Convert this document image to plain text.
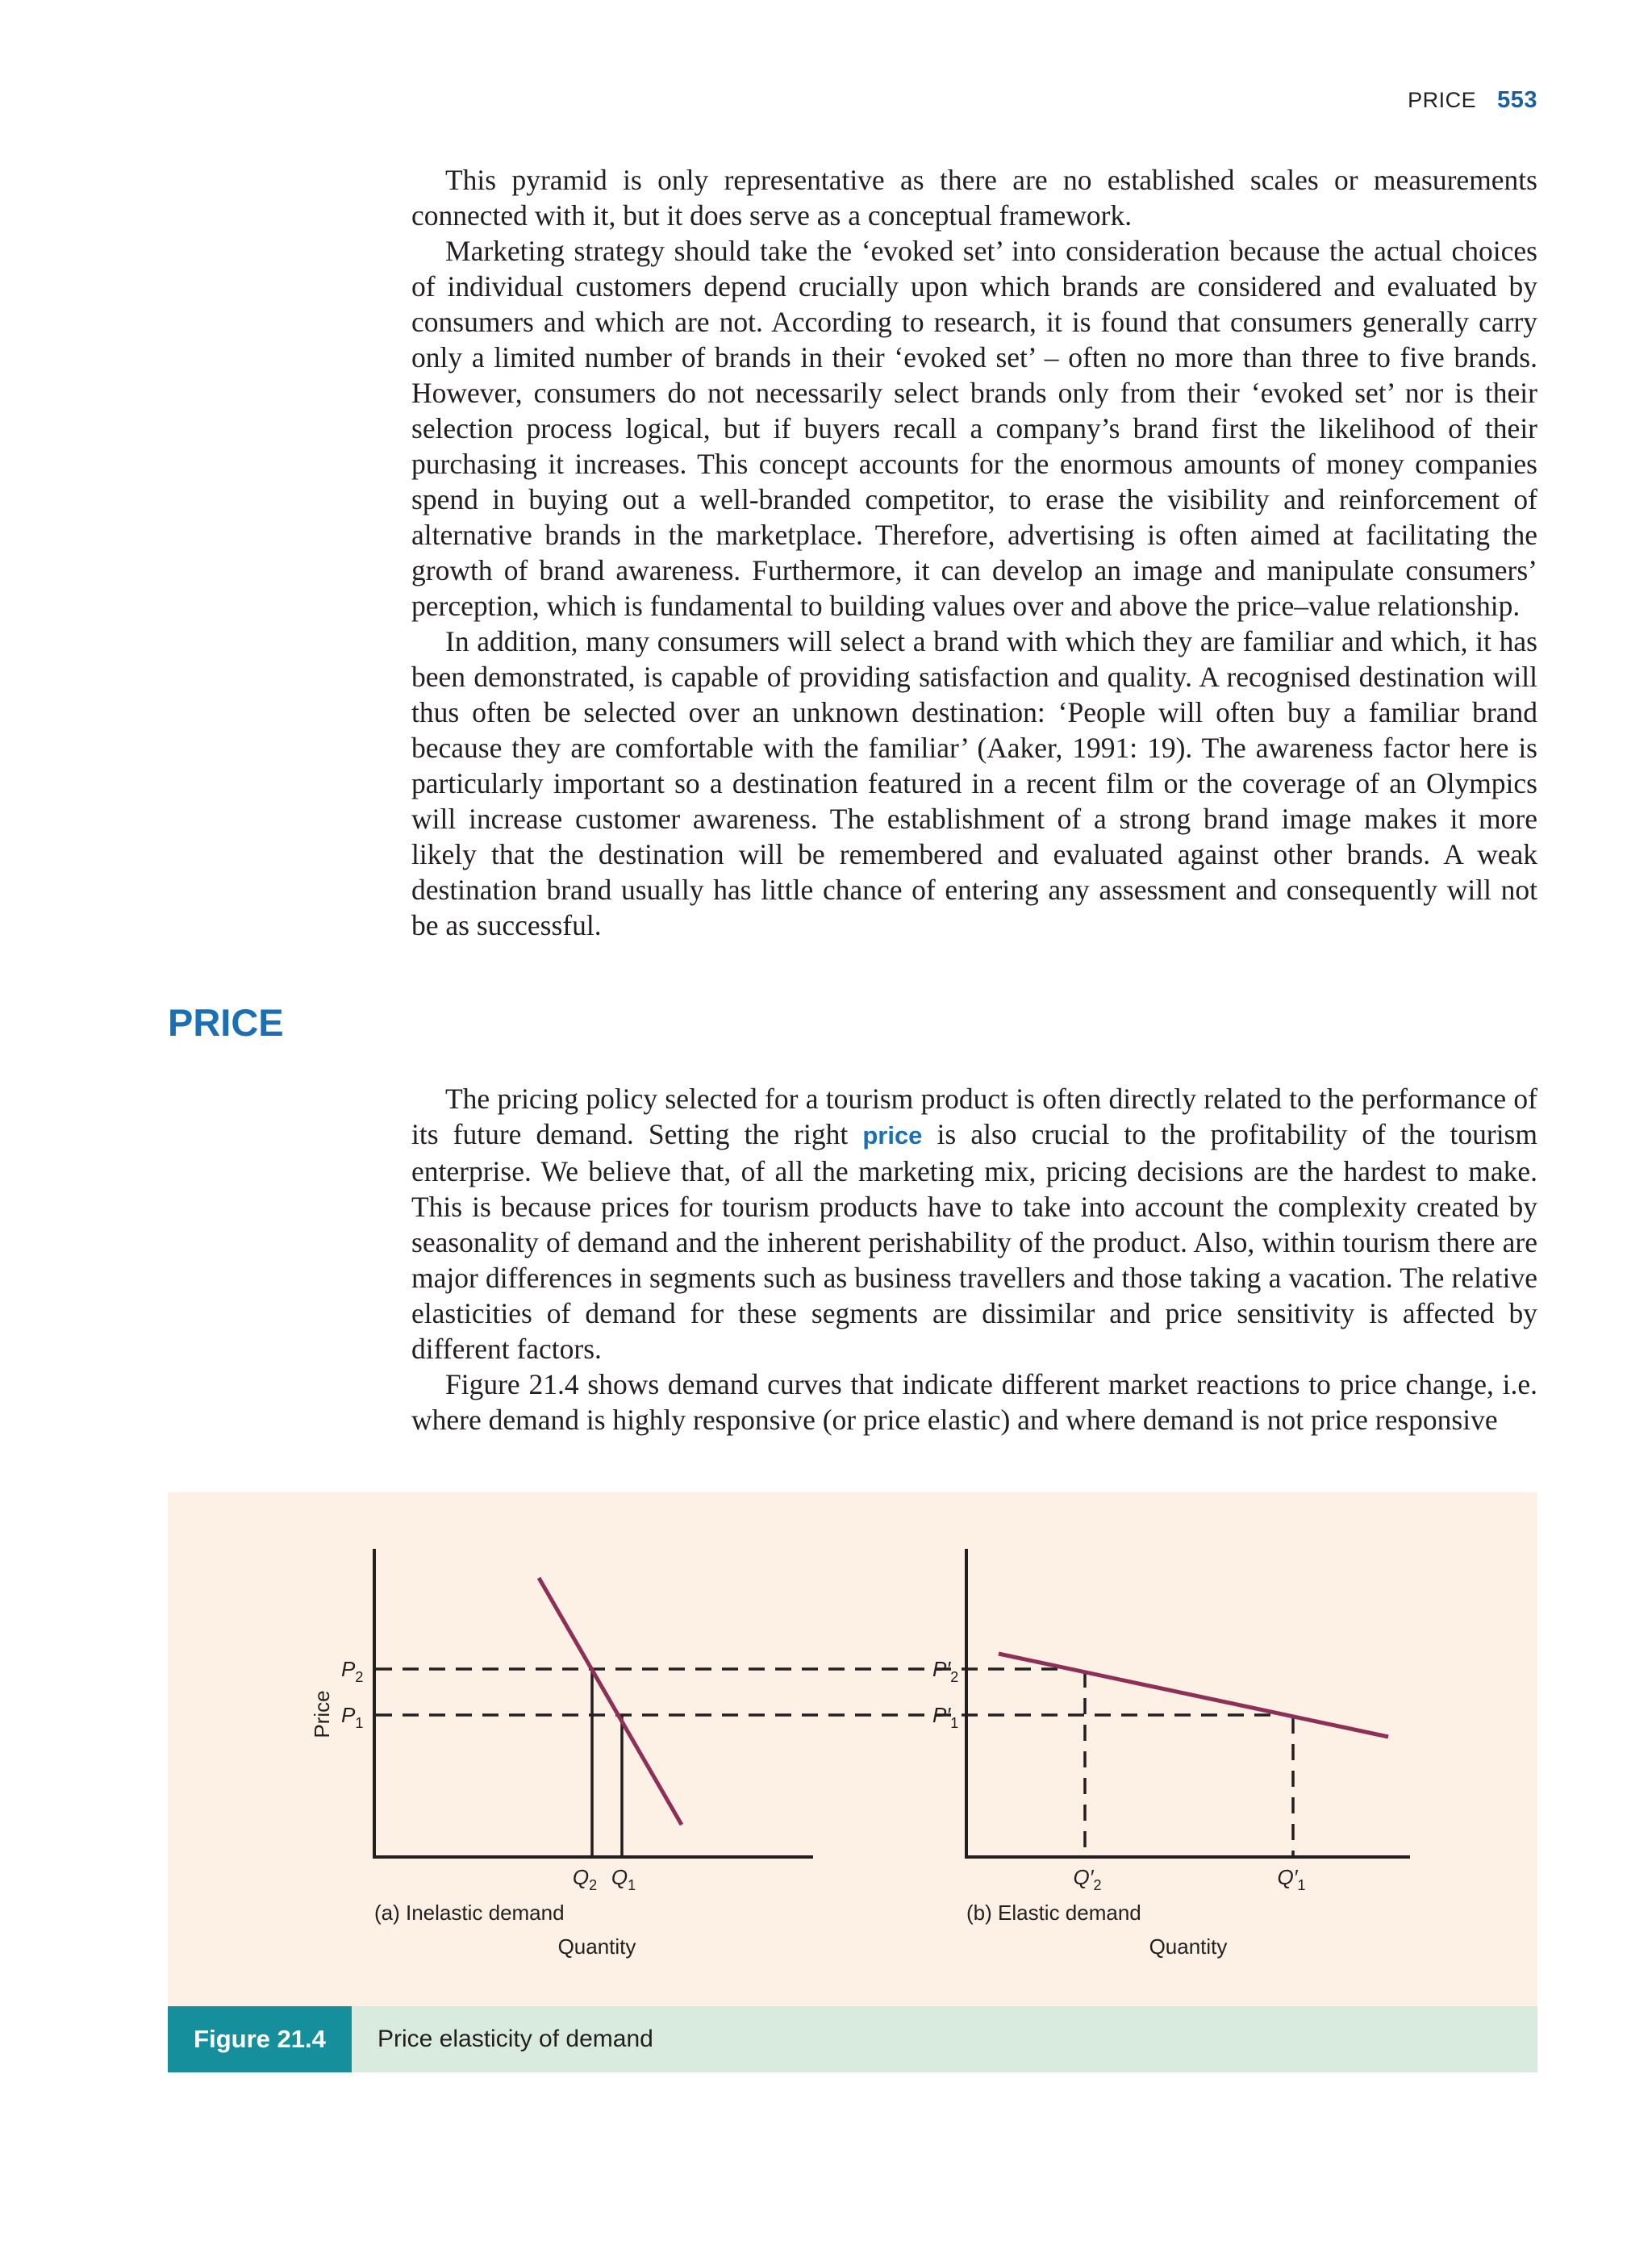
PRICE 553

This pyramid is only representative as there are no established scales or measurements connected with it, but it does serve as a conceptual framework.

Marketing strategy should take the ‘evoked set’ into consideration because the actual choices of individual customers depend crucially upon which brands are considered and evaluated by consumers and which are not. According to research, it is found that consumers generally carry only a limited number of brands in their ‘evoked set’ – often no more than three to five brands. However, consumers do not necessarily select brands only from their ‘evoked set’ nor is their selection process logical, but if buyers recall a company’s brand first the likelihood of their purchasing it increases. This concept accounts for the enormous amounts of money companies spend in buying out a well-branded competitor, to erase the visibility and reinforcement of alternative brands in the marketplace. Therefore, advertising is often aimed at facilitating the growth of brand awareness. Furthermore, it can develop an image and manipulate consumers’ perception, which is fundamental to building values over and above the price–value relationship.

In addition, many consumers will select a brand with which they are familiar and which, it has been demonstrated, is capable of providing satisfaction and quality. A recognised destination will thus often be selected over an unknown destination: ‘People will often buy a familiar brand because they are comfortable with the familiar’ (Aaker, 1991: 19). The awareness factor here is particularly important so a destination featured in a recent film or the coverage of an Olympics will increase customer awareness. The establishment of a strong brand image makes it more likely that the destination will be remembered and evaluated against other brands. A weak destination brand usually has little chance of entering any assessment and consequently will not be as successful.

PRICE

The pricing policy selected for a tourism product is often directly related to the performance of its future demand. Setting the right price is also crucial to the profitability of the tourism enterprise. We believe that, of all the marketing mix, pricing decisions are the hardest to make. This is because prices for tourism products have to take into account the complexity created by seasonality of demand and the inherent perishability of the product. Also, within tourism there are major differences in segments such as business travellers and those taking a vacation. The relative elasticities of demand for these segments are dissimilar and price sensitivity is affected by different factors.

Figure 21.4 shows demand curves that indicate different market reactions to price change, i.e. where demand is highly responsive (or price elastic) and where demand is not price responsive

Price
$P_2$
$P_1$
$Q_2$ $Q_1$
(a) Inelastic demand
Quantity
$P'_2$
$P'_1$
$Q'_2$	$Q'_1$
(b) Elastic demand
Quantity
Figure 21.4	Price elasticity of demand
